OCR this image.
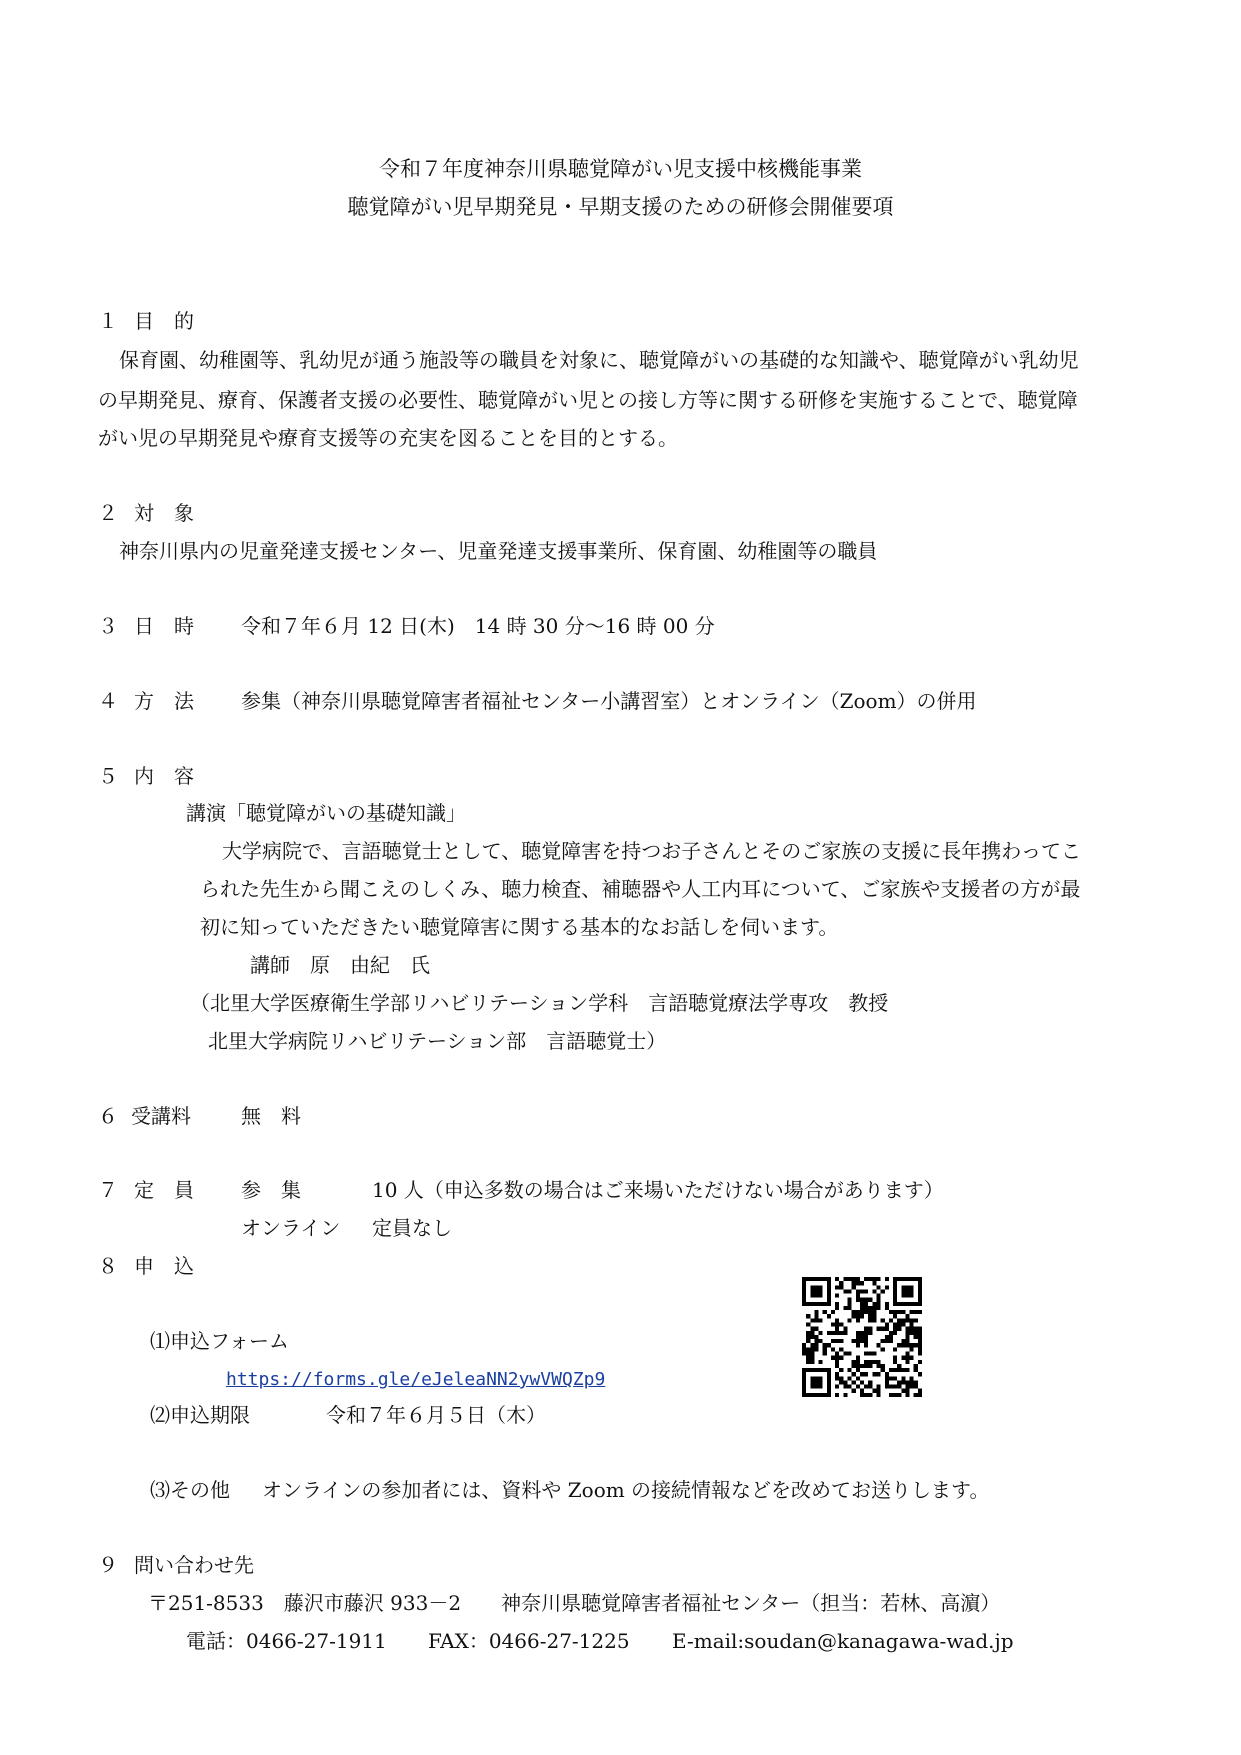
令和７年度神奈川県聴覚障がい児支援中核機能事業
聴覚障がい児早期発見・早期支援のための研修会開催要項
１ 目　的
保育園、幼稚園等、乳幼児が通う施設等の職員を対象に、聴覚障がいの基礎的な知識や、聴覚障がい乳幼児
の早期発見、療育、保護者支援の必要性、聴覚障がい児との接し方等に関する研修を実施することで、聴覚障
がい児の早期発見や療育支援等の充実を図ることを目的とする。
２ 対　象
神奈川県内の児童発達支援センター、児童発達支援事業所、保育園、幼稚園等の職員
３ 日　時 令和７年６月 12 日(木)　14 時 30 分～16 時 00 分
４ 方　法 参集（神奈川県聴覚障害者福祉センター小講習室）とオンライン（Zoom）の併用
５ 内　容
講演「聴覚障がいの基礎知識」
大学病院で、言語聴覚士として、聴覚障害を持つお子さんとそのご家族の支援に長年携わってこ
られた先生から聞こえのしくみ、聴力検査、補聴器や人工内耳について、ご家族や支援者の方が最
初に知っていただきたい聴覚障害に関する基本的なお話しを伺います。
講師　原　由紀　氏
（北里大学医療衛生学部リハビリテーション学科　言語聴覚療法学専攻　教授
北里大学病院リハビリテーション部　言語聴覚士）
６ 受講料	無　料
７ 定　員 参　集	10 人（申込多数の場合はご来場いただけない場合があります）
オンライン 定員なし
８ 申　込
⑴申込フォーム
https://forms.gle/eJeleaNN2ywVWQZp9
⑵申込期限	令和７年６月５日（木）
⑶その他 オンラインの参加者には、資料や Zoom の接続情報などを改めてお送りします。
９ 問い合わせ先
〒251-8533　藤沢市藤沢 933－2　　神奈川県聴覚障害者福祉センター（担当：若林、高濵）
電話：0466-27-1911 FAX：0466-27-1225 E-mail:soudan@kanagawa-wad.jp
